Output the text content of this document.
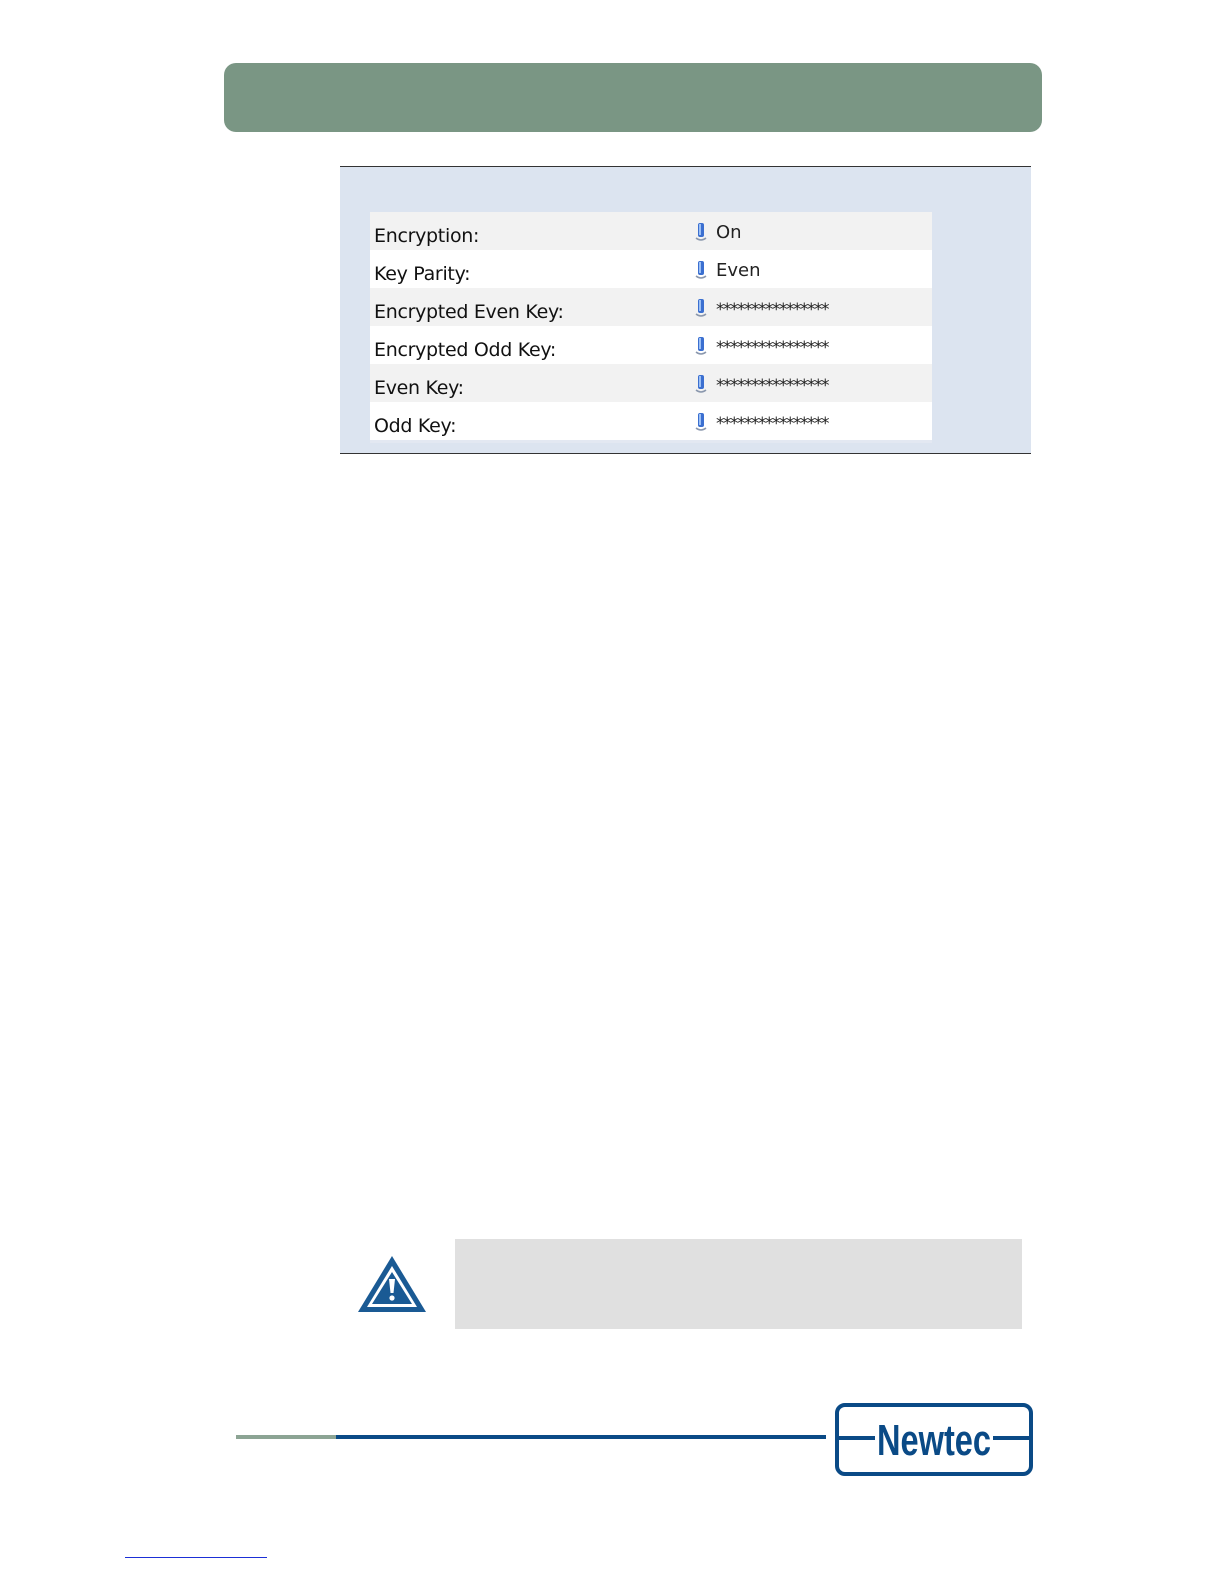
Encryption:	On
Key Parity:	Even
Encrypted Even Key:	****************
Encrypted Odd Key:	****************
Even Key:	****************
Odd Key:	****************
Newtec
